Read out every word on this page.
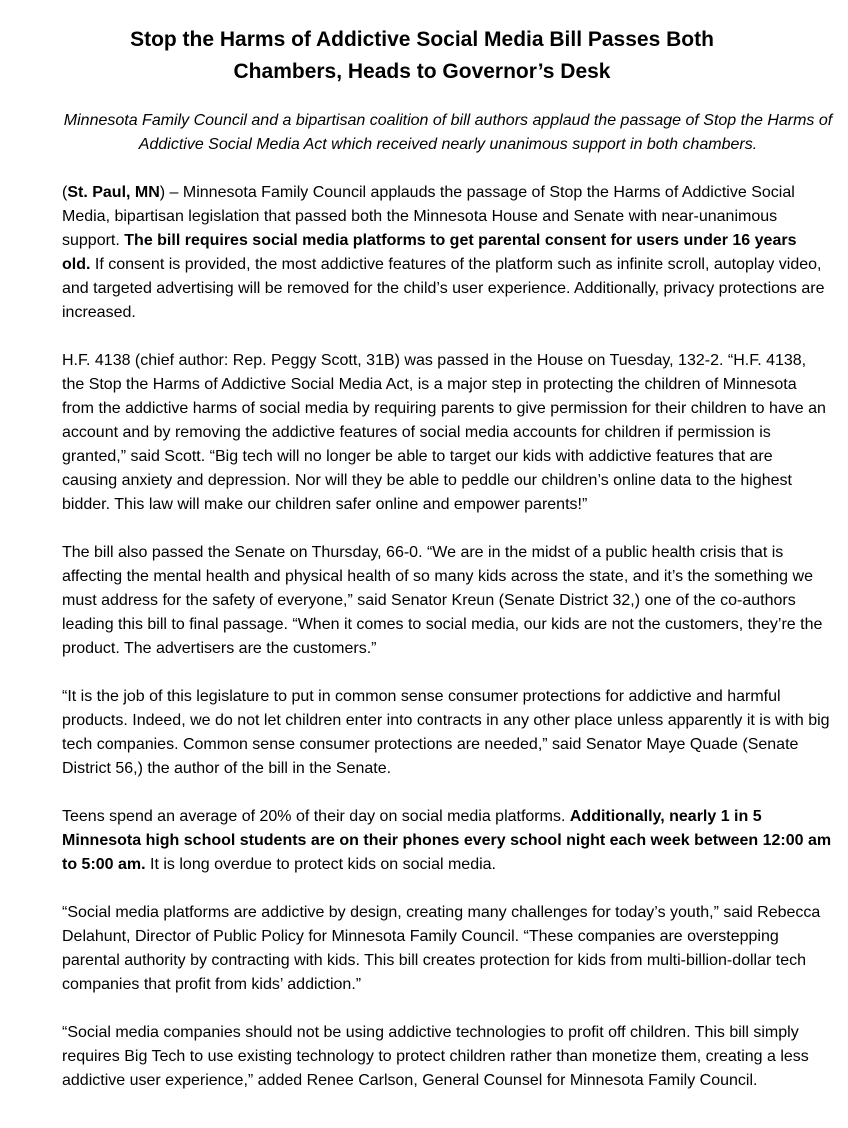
Stop the Harms of Addictive Social Media Bill Passes Both
Chambers, Heads to Governor’s Desk
Minnesota Family Council and a bipartisan coalition of bill authors applaud the passage of Stop the Harms of
Addictive Social Media Act which received nearly unanimous support in both chambers.
(St. Paul, MN) – Minnesota Family Council applauds the passage of Stop the Harms of Addictive Social
Media, bipartisan legislation that passed both the Minnesota House and Senate with near-unanimous
support. The bill requires social media platforms to get parental consent for users under 16 years
old. If consent is provided, the most addictive features of the platform such as infinite scroll, autoplay video,
and targeted advertising will be removed for the child’s user experience. Additionally, privacy protections are
increased.
H.F. 4138 (chief author: Rep. Peggy Scott, 31B) was passed in the House on Tuesday, 132-2. “H.F. 4138,
the Stop the Harms of Addictive Social Media Act, is a major step in protecting the children of Minnesota
from the addictive harms of social media by requiring parents to give permission for their children to have an
account and by removing the addictive features of social media accounts for children if permission is
granted,” said Scott. “Big tech will no longer be able to target our kids with addictive features that are
causing anxiety and depression. Nor will they be able to peddle our children’s online data to the highest
bidder. This law will make our children safer online and empower parents!”
The bill also passed the Senate on Thursday, 66-0. “We are in the midst of a public health crisis that is
affecting the mental health and physical health of so many kids across the state, and it’s the something we
must address for the safety of everyone,” said Senator Kreun (Senate District 32,) one of the co-authors
leading this bill to final passage. “When it comes to social media, our kids are not the customers, they’re the
product. The advertisers are the customers.”
“It is the job of this legislature to put in common sense consumer protections for addictive and harmful
products. Indeed, we do not let children enter into contracts in any other place unless apparently it is with big
tech companies. Common sense consumer protections are needed,” said Senator Maye Quade (Senate
District 56,) the author of the bill in the Senate.
Teens spend an average of 20% of their day on social media platforms. Additionally, nearly 1 in 5
Minnesota high school students are on their phones every school night each week between 12:00 am
to 5:00 am. It is long overdue to protect kids on social media.
“Social media platforms are addictive by design, creating many challenges for today’s youth,” said Rebecca
Delahunt, Director of Public Policy for Minnesota Family Council. “These companies are overstepping
parental authority by contracting with kids. This bill creates protection for kids from multi-billion-dollar tech
companies that profit from kids’ addiction.”
“Social media companies should not be using addictive technologies to profit off children. This bill simply
requires Big Tech to use existing technology to protect children rather than monetize them, creating a less
addictive user experience,” added Renee Carlson, General Counsel for Minnesota Family Council.
